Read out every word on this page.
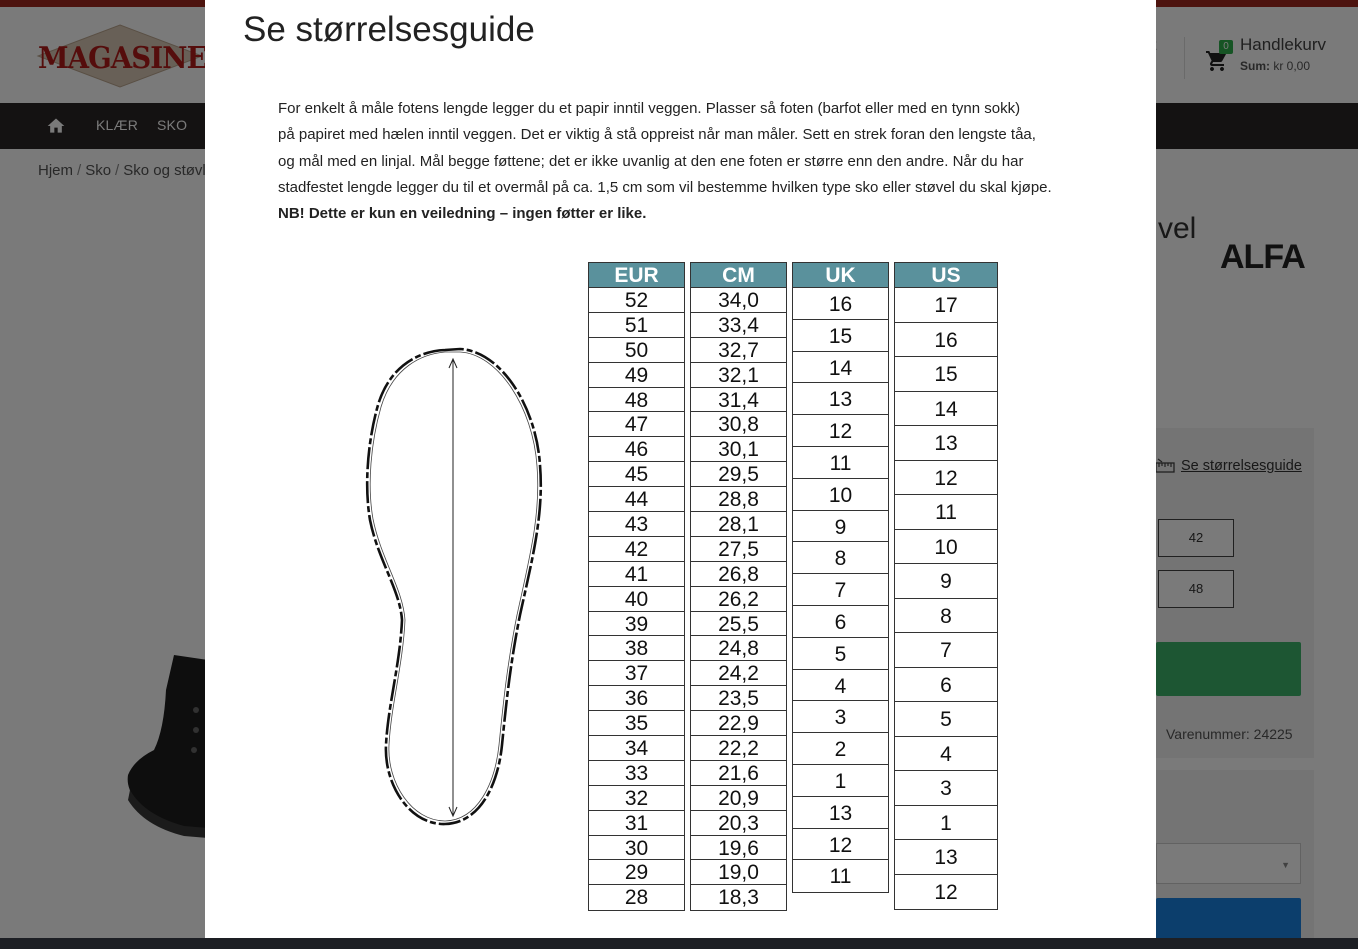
Se størrelsesguide

For enkelt å måle fotens lengde legger du et papir inntil veggen. Plasser så foten (barfot eller med en tynn sokk)

på papiret med hælen inntil veggen. Det er viktig å stå oppreist når man måler. Sett en strek foran den lengste tåa,

og mål med en linjal. Mål begge føttene; det er ikke uvanlig at den ene foten er større enn den andre. Når du har

stadfestet lengde legger du til et overmål på ca. 1,5 cm som vil bestemme hvilken type sko eller støvel du skal kjøpe.

NB! Dette er kun en veiledning – ingen føtter er like.

EUR
52
51
50
49
48
47
46
45
44
43
42
41
40
39
38
37
36
35
34
33
32
31
30
29
28
CM
34,0
33,4
32,7
32,1
31,4
30,8
30,1
29,5
28,8
28,1
27,5
26,8
26,2
25,5
24,8
24,2
23,5
22,9
22,2
21,6
20,9
20,3
19,6
19,0
18,3
UK
16
15
14
13
12
11
10
9
8
7
6
5
4
3
2
1
13
12
11
US
17
16
15
14
13
12
11
10
9
8
7
6
5
4
3
1
13
12
